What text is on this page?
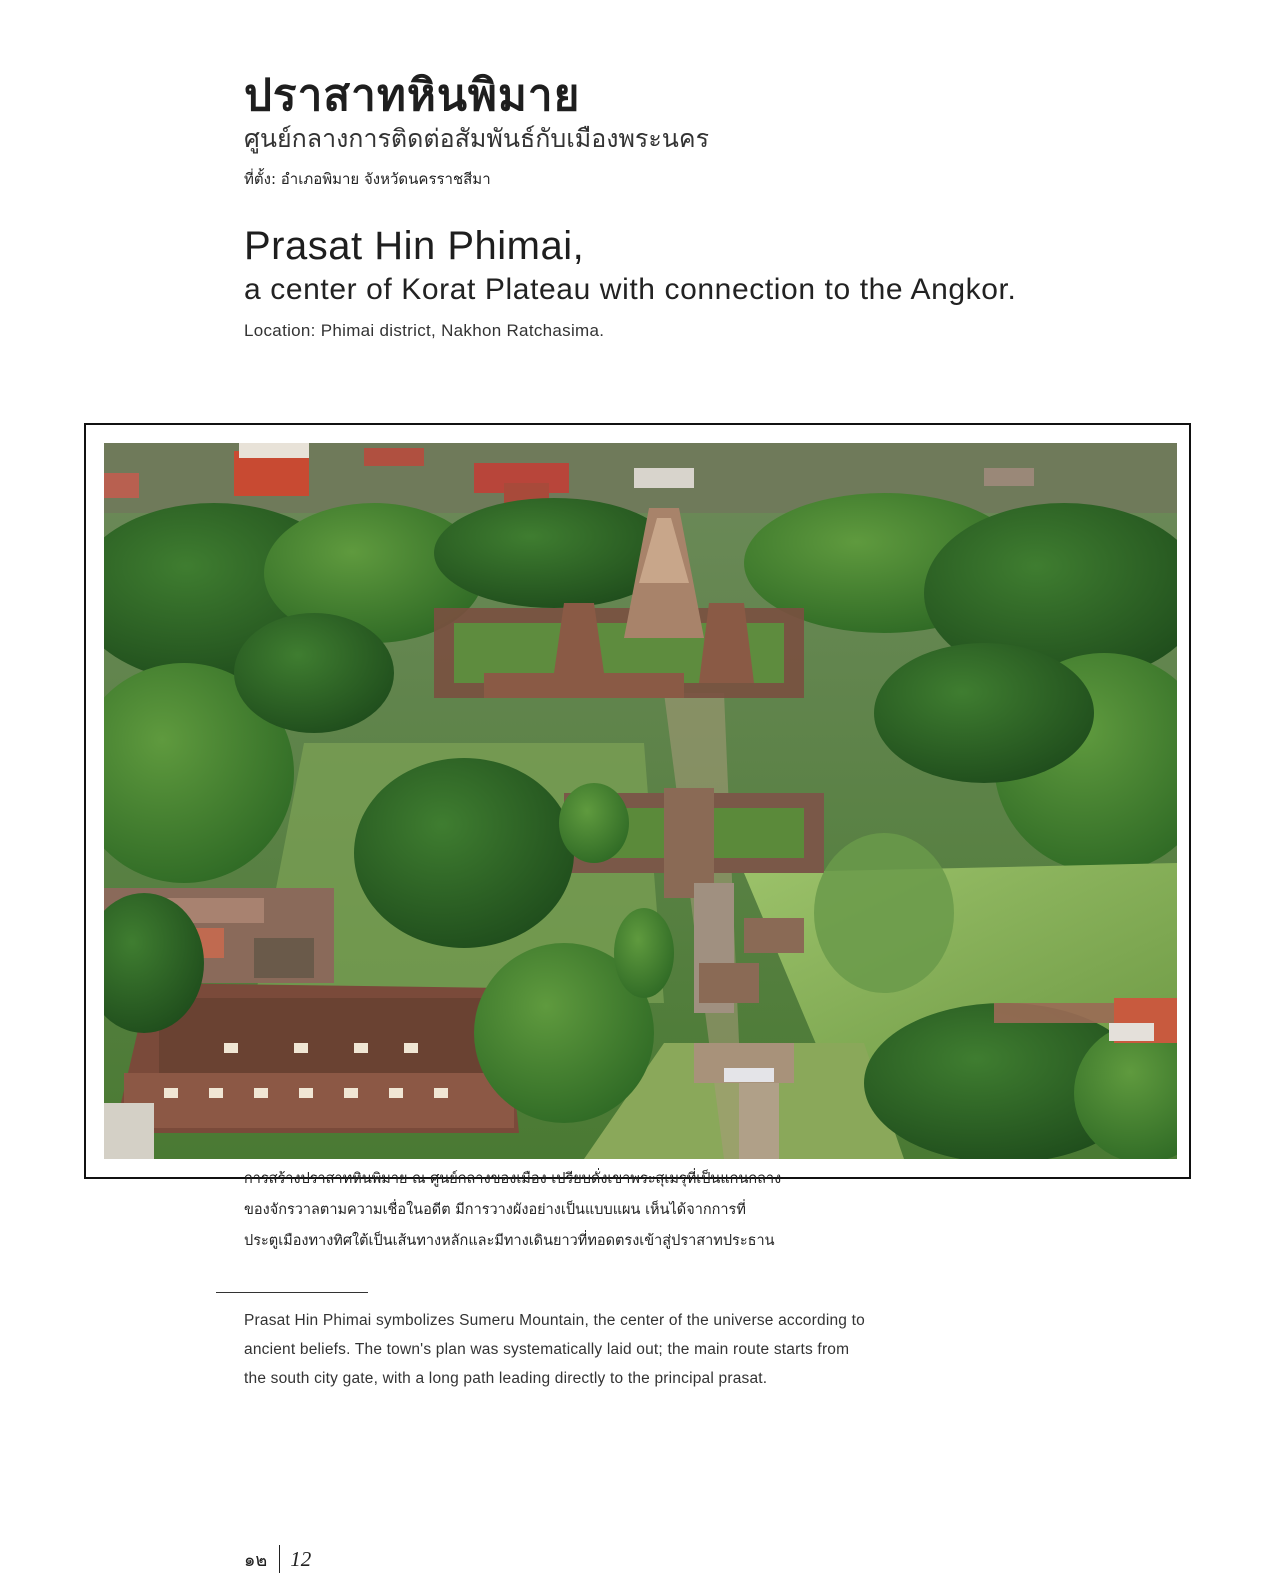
ปราสาทหินพิมาย
ศูนย์กลางการติดต่อสัมพันธ์กับเมืองพระนคร
ที่ตั้ง: อำเภอพิมาย จังหวัดนครราชสีมา
Prasat Hin Phimai,
a center of Korat Plateau with connection to the Angkor.
Location: Phimai district, Nakhon Ratchasima.
การสร้างปราสาทหินพิมาย ณ ศูนย์กลางของเมือง เปรียบดั่งเขาพระสุเมรุที่เป็นแกนกลาง
ของจักรวาลตามความเชื่อในอดีต มีการวางผังอย่างเป็นแบบแผน เห็นได้จากการที่
ประตูเมืองทางทิศใต้เป็นเส้นทางหลักและมีทางเดินยาวที่ทอดตรงเข้าสู่ปราสาทประธาน
Prasat Hin Phimai symbolizes Sumeru Mountain, the center of the universe according to
ancient beliefs. The town's plan was systematically laid out; the main route starts from
the south city gate, with a long path leading directly to the principal prasat.
๑๒ 12
